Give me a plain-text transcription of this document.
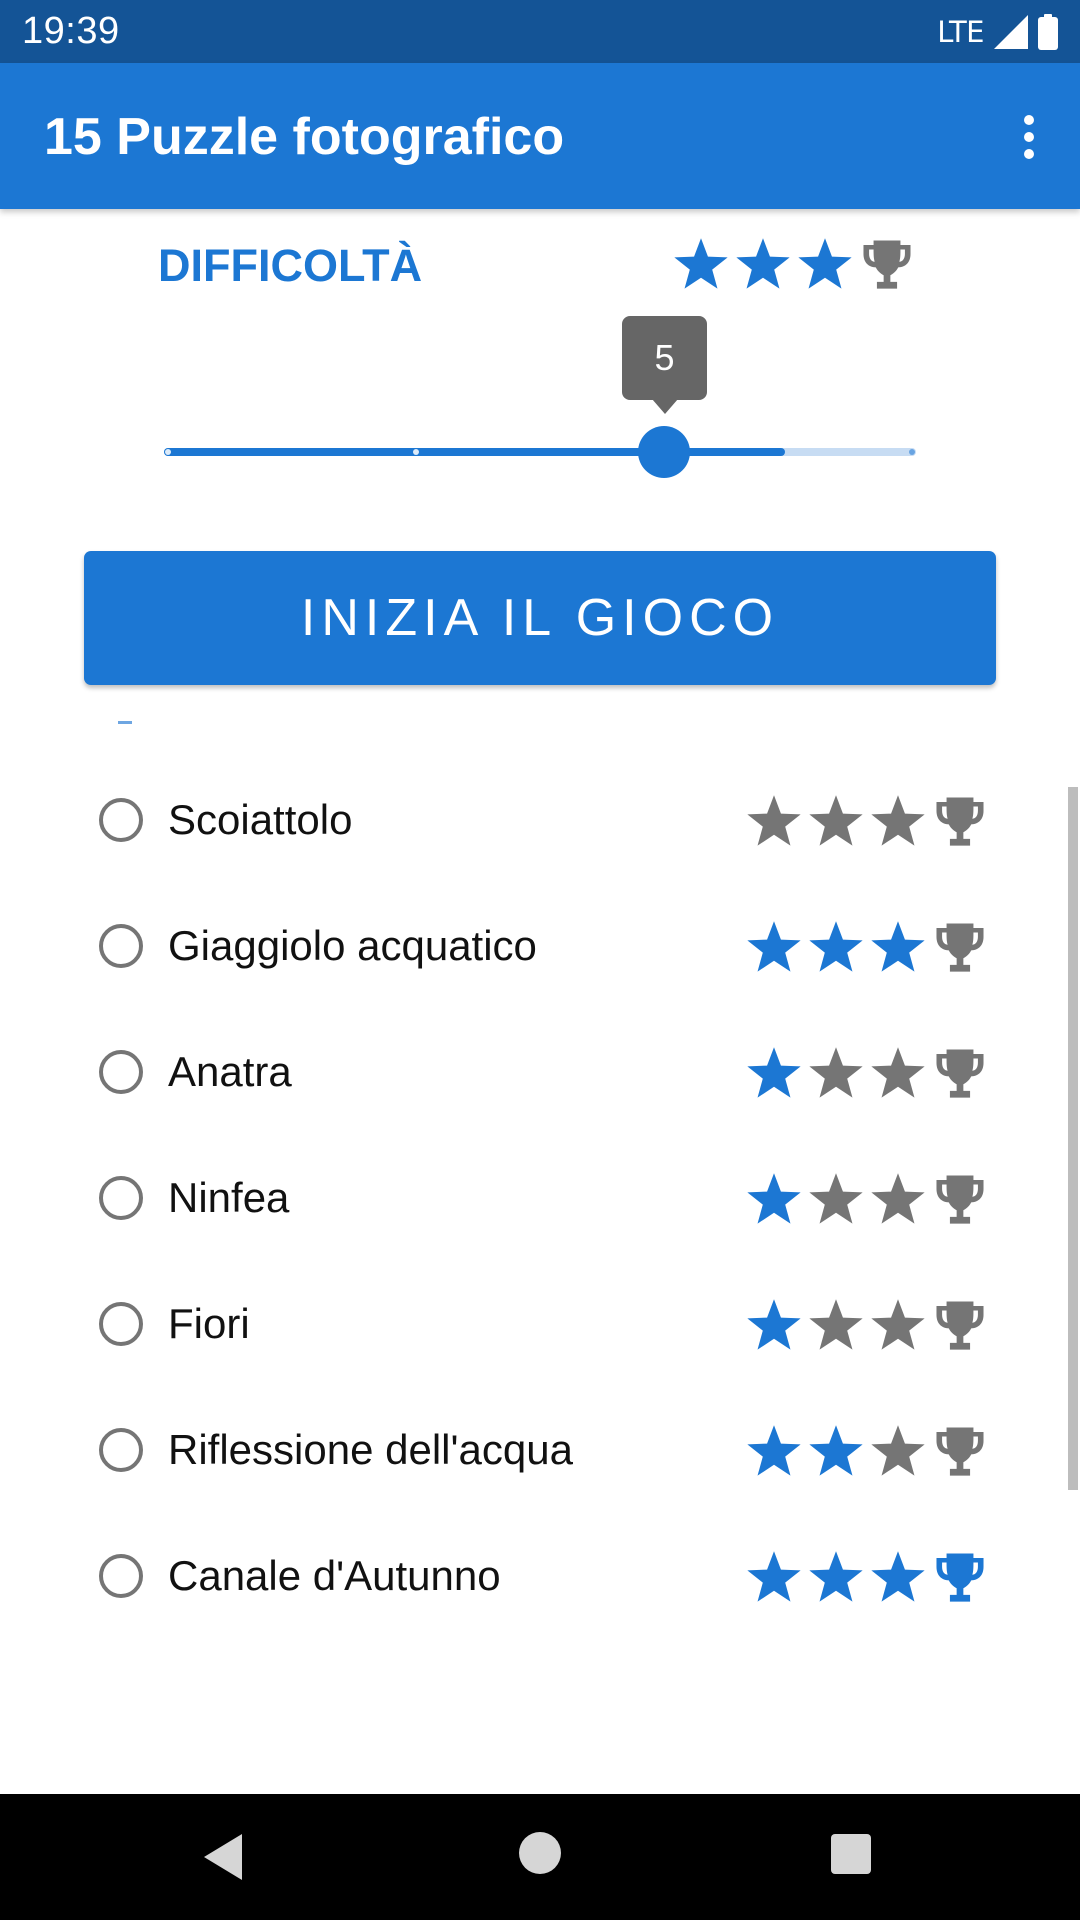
19:39	LTE
15 Puzzle fotografico
DIFFICOLTÀ
5
INIZIA IL GIOCO
Scoiattolo
Giaggiolo acquatico
Anatra
Ninfea
Fiori
Riflessione dell'acqua
Canale d'Autunno
